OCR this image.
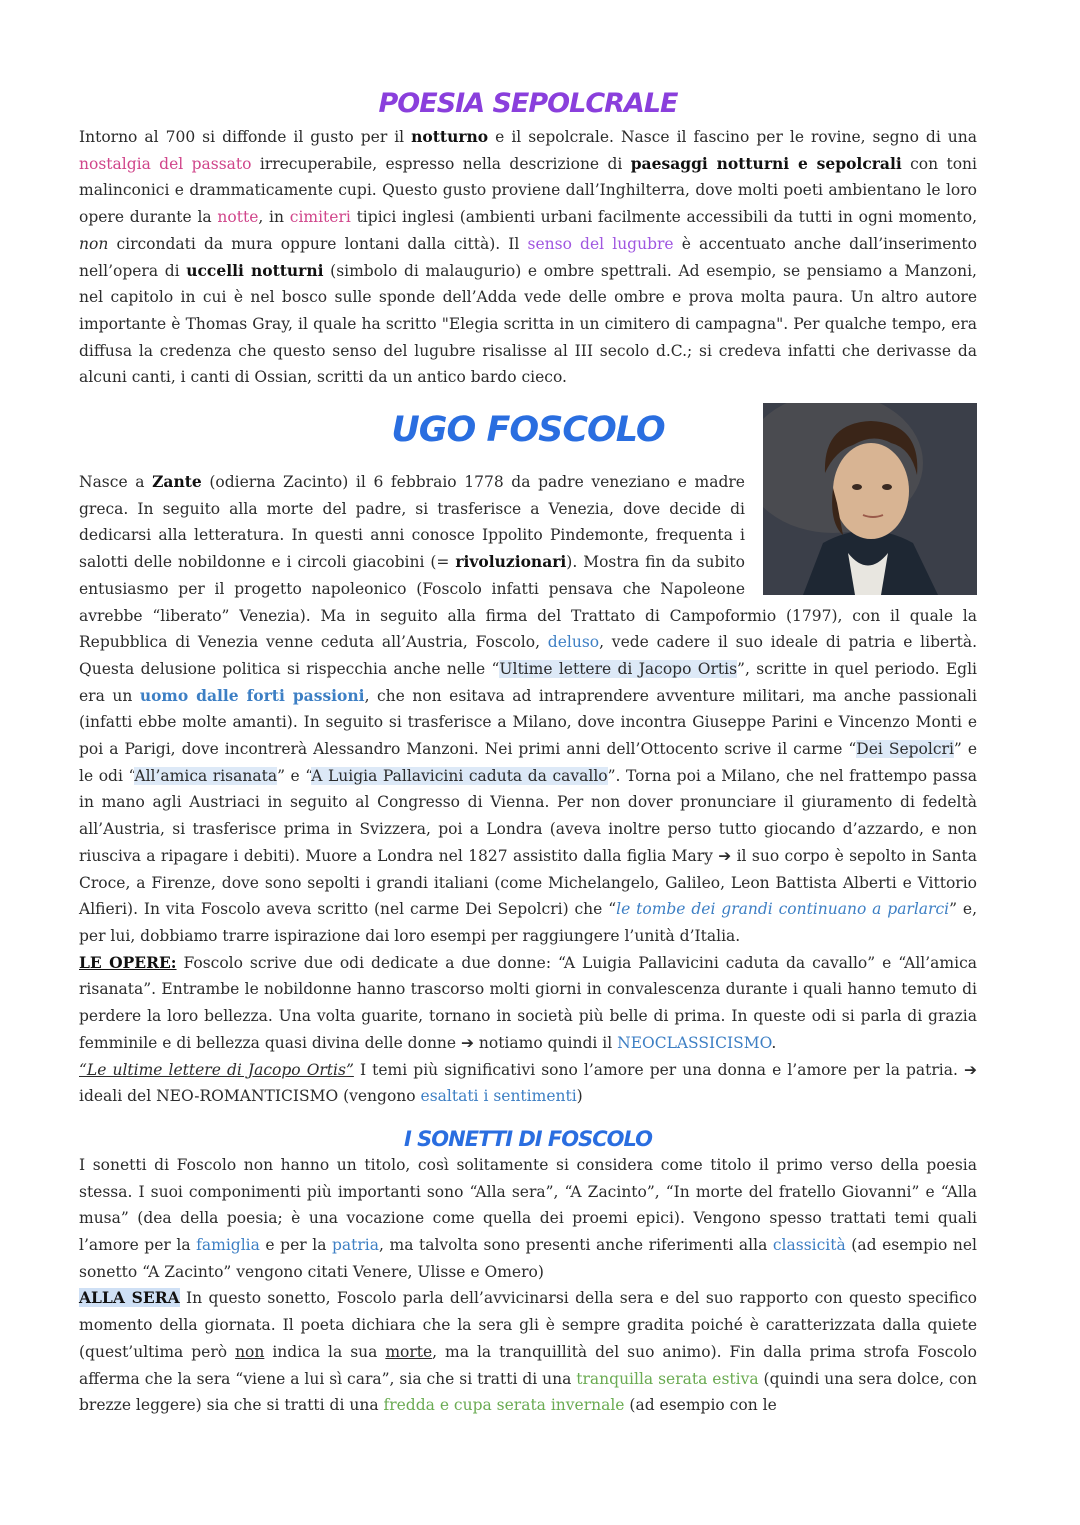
POESIA SEPOLCRALE

Intorno al 700 si diffonde il gusto per il notturno e il sepolcrale. Nasce il fascino per le rovine, segno di una nostalgia del passato irrecuperabile, espresso nella descrizione di paesaggi notturni e sepolcrali con toni malinconici e drammaticamente cupi. Questo gusto proviene dall’Inghilterra, dove molti poeti ambientano le loro opere durante la notte, in cimiteri tipici inglesi (ambienti urbani facilmente accessibili da tutti in ogni momento, non circondati da mura oppure lontani dalla città). Il senso del lugubre è accentuato anche dall’inserimento nell’opera di uccelli notturni (simbolo di malaugurio) e ombre spettrali. Ad esempio, se pensiamo a Manzoni, nel capitolo in cui è nel bosco sulle sponde dell’Adda vede delle ombre e prova molta paura. Un altro autore importante è Thomas Gray, il quale ha scritto "Elegia scritta in un cimitero di campagna". Per qualche tempo, era diffusa la credenza che questo senso del lugubre risalisse al III secolo d.C.; si credeva infatti che derivasse da alcuni canti, i canti di Ossian, scritti da un antico bardo cieco.

UGO FOSCOLO

Nasce a Zante (odierna Zacinto) il 6 febbraio 1778 da padre veneziano e madre greca. In seguito alla morte del padre, si trasferisce a Venezia, dove decide di dedicarsi alla letteratura. In questi anni conosce Ippolito Pindemonte, frequenta i salotti delle nobildonne e i circoli giacobini (= rivoluzionari). Mostra fin da subito entusiasmo per il progetto napoleonico (Foscolo infatti pensava che Napoleone avrebbe “liberato” Venezia). Ma in seguito alla firma del Trattato di Campoformio (1797), con il quale la Repubblica di Venezia venne ceduta all’Austria, Foscolo, deluso, vede cadere il suo ideale di patria e libertà. Questa delusione politica si rispecchia anche nelle “Ultime lettere di Jacopo Ortis”, scritte in quel periodo. Egli era un uomo dalle forti passioni, che non esitava ad intraprendere avventure militari, ma anche passionali (infatti ebbe molte amanti). In seguito si trasferisce a Milano, dove incontra Giuseppe Parini e Vincenzo Monti e poi a Parigi, dove incontrerà Alessandro Manzoni. Nei primi anni dell’Ottocento scrive il carme “Dei Sepolcri” e le odi “All’amica risanata” e “A Luigia Pallavicini caduta da cavallo”. Torna poi a Milano, che nel frattempo passa in mano agli Austriaci in seguito al Congresso di Vienna. Per non dover pronunciare il giuramento di fedeltà all’Austria, si trasferisce prima in Svizzera, poi a Londra (aveva inoltre perso tutto giocando d’azzardo, e non riusciva a ripagare i debiti). Muore a Londra nel 1827 assistito dalla figlia Mary ➔ il suo corpo è sepolto in Santa Croce, a Firenze, dove sono sepolti i grandi italiani (come Michelangelo, Galileo, Leon Battista Alberti e Vittorio Alfieri). In vita Foscolo aveva scritto (nel carme Dei Sepolcri) che “le tombe dei grandi continuano a parlarci” e, per lui, dobbiamo trarre ispirazione dai loro esempi per raggiungere l’unità d’Italia.

LE OPERE: Foscolo scrive due odi dedicate a due donne: “A Luigia Pallavicini caduta da cavallo” e “All’amica risanata”. Entrambe le nobildonne hanno trascorso molti giorni in convalescenza durante i quali hanno temuto di perdere la loro bellezza. Una volta guarite, tornano in società più belle di prima. In queste odi si parla di grazia femminile e di bellezza quasi divina delle donne ➔ notiamo quindi il NEOCLASSICISMO.

“Le ultime lettere di Jacopo Ortis” I temi più significativi sono l’amore per una donna e l’amore per la patria. ➔ ideali del NEO-ROMANTICISMO (vengono esaltati i sentimenti)

I SONETTI DI FOSCOLO

I sonetti di Foscolo non hanno un titolo, così solitamente si considera come titolo il primo verso della poesia stessa. I suoi componimenti più importanti sono “Alla sera”, “A Zacinto”, “In morte del fratello Giovanni” e “Alla musa” (dea della poesia; è una vocazione come quella dei proemi epici). Vengono spesso trattati temi quali l’amore per la famiglia e per la patria, ma talvolta sono presenti anche riferimenti alla classicità (ad esempio nel sonetto “A Zacinto” vengono citati Venere, Ulisse e Omero)

ALLA SERA In questo sonetto, Foscolo parla dell’avvicinarsi della sera e del suo rapporto con questo specifico momento della giornata. Il poeta dichiara che la sera gli è sempre gradita poiché è caratterizzata dalla quiete (quest’ultima però non indica la sua morte, ma la tranquillità del suo animo). Fin dalla prima strofa Foscolo afferma che la sera “viene a lui sì cara”, sia che si tratti di una tranquilla serata estiva (quindi una sera dolce, con brezze leggere) sia che si tratti di una fredda e cupa serata invernale (ad esempio con le
